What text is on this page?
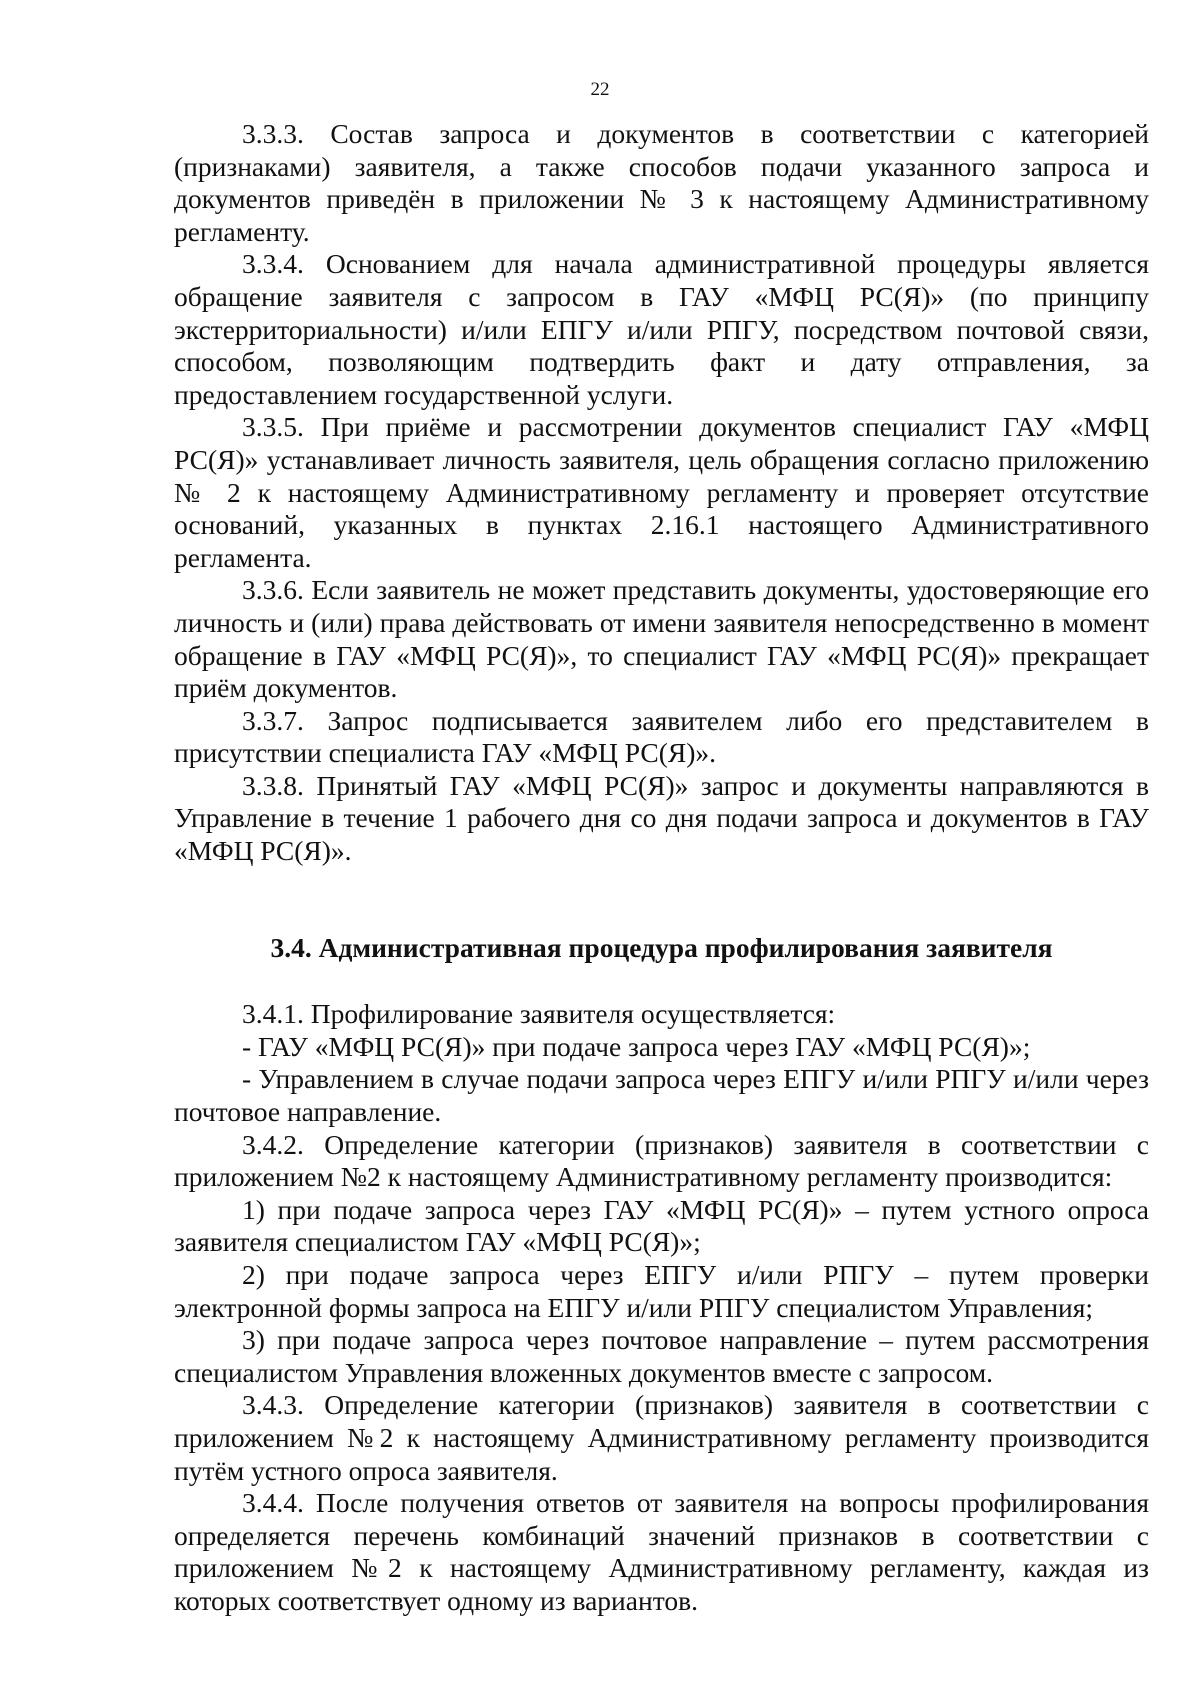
22

3.3.3. Состав запроса и документов в соответствии с категорией (признаками) заявителя, а также способов подачи указанного запроса и документов приведён в приложении № 3 к настоящему Административному регламенту.

3.3.4. Основанием для начала административной процедуры является обращение заявителя с запросом в ГАУ «МФЦ РС(Я)» (по принципу экстерриториальности) и/или ЕПГУ и/или РПГУ, посредством почтовой связи, способом, позволяющим подтвердить факт и дату отправления, за предоставлением государственной услуги.

3.3.5. При приёме и рассмотрении документов специалист ГАУ «МФЦ РС(Я)» устанавливает личность заявителя, цель обращения согласно приложению № 2 к настоящему Административному регламенту и проверяет отсутствие оснований, указанных в пунктах 2.16.1 настоящего Административного регламента.

3.3.6. Если заявитель не может представить документы, удостоверяющие его личность и (или) права действовать от имени заявителя непосредственно в момент обращение в ГАУ «МФЦ РС(Я)», то специалист ГАУ «МФЦ РС(Я)» прекращает приём документов.

3.3.7. Запрос подписывается заявителем либо его представителем в присутствии специалиста ГАУ «МФЦ РС(Я)».

3.3.8. Принятый ГАУ «МФЦ РС(Я)» запрос и документы направляются в Управление в течение 1 рабочего дня со дня подачи запроса и документов в ГАУ «МФЦ РС(Я)».

3.4. Административная процедура профилирования заявителя

3.4.1. Профилирование заявителя осуществляется:

- ГАУ «МФЦ РС(Я)» при подаче запроса через ГАУ «МФЦ РС(Я)»;

- Управлением в случае подачи запроса через ЕПГУ и/или РПГУ и/или через почтовое направление.

3.4.2. Определение категории (признаков) заявителя в соответствии с приложением №2 к настоящему Административному регламенту производится:

1) при подаче запроса через ГАУ «МФЦ РС(Я)» – путем устного опроса заявителя специалистом ГАУ «МФЦ РС(Я)»;

2) при подаче запроса через ЕПГУ и/или РПГУ – путем проверки электронной формы запроса на ЕПГУ и/или РПГУ специалистом Управления;

3) при подаче запроса через почтовое направление – путем рассмотрения специалистом Управления вложенных документов вместе с запросом.

3.4.3. Определение категории (признаков) заявителя в соответствии с приложением №2 к настоящему Административному регламенту производится путём устного опроса заявителя.

3.4.4. После получения ответов от заявителя на вопросы профилирования определяется перечень комбинаций значений признаков в соответствии с приложением №2 к настоящему Административному регламенту, каждая из которых соответствует одному из вариантов.
